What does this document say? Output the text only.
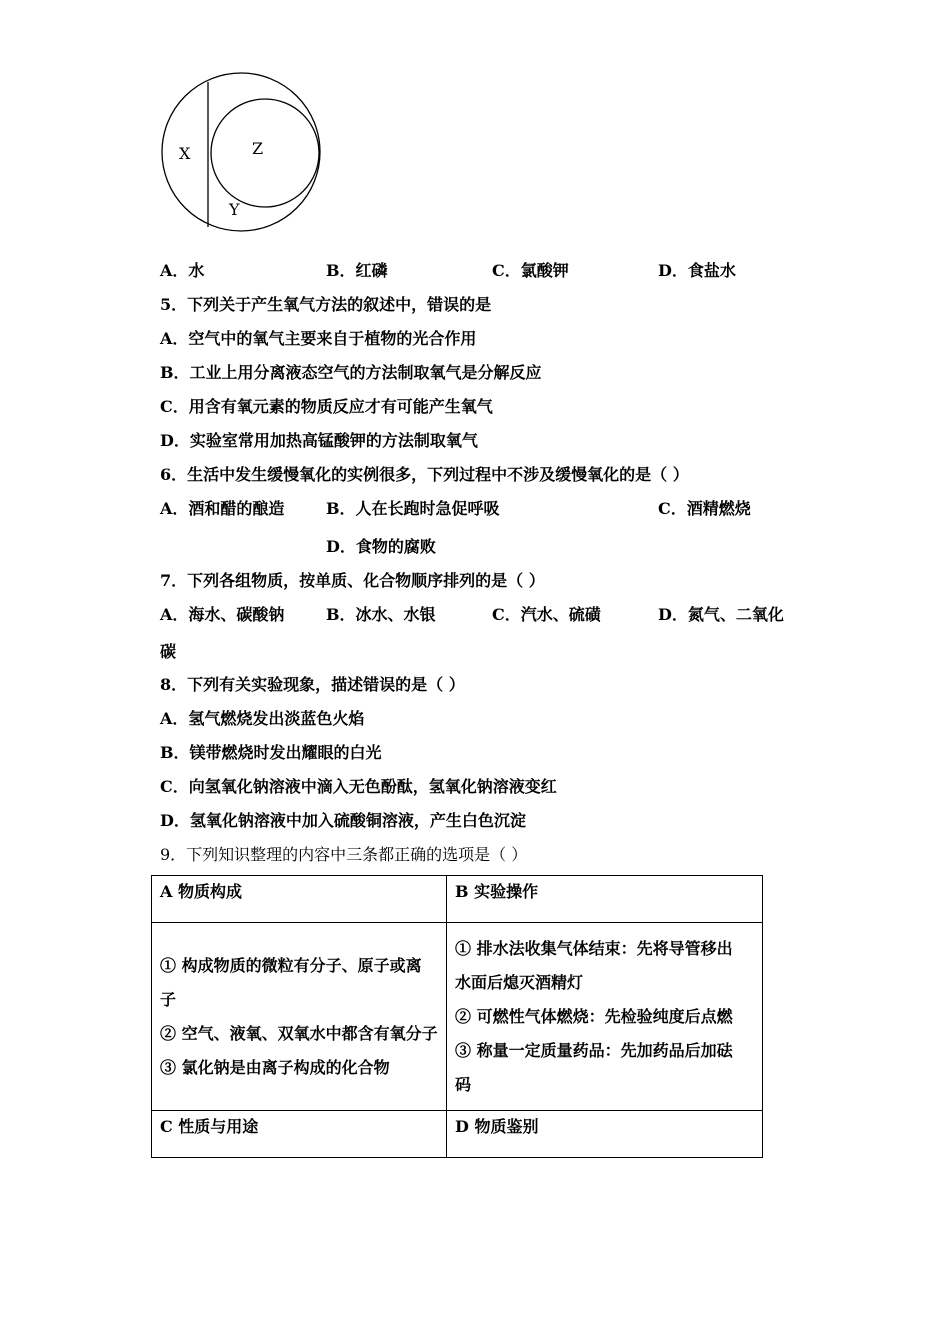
X	Z
Y
A．水	B．红磷	C．氯酸钾	D．食盐水
5．下列关于产生氧气方法的叙述中，错误的是
A．空气中的氧气主要来自于植物的光合作用
B．工业上用分离液态空气的方法制取氧气是分解反应
C．用含有氧元素的物质反应才有可能产生氧气
D．实验室常用加热高锰酸钾的方法制取氧气
6．生活中发生缓慢氧化的实例很多，下列过程中不涉及缓慢氧化的是（ ）
A．酒和醋的酿造	B．人在长跑时急促呼吸	C．酒精燃烧
D．食物的腐败
7．下列各组物质，按单质、化合物顺序排列的是（ ）
A．海水、碳酸钠	B．冰水、水银	C．汽水、硫磺	D．氮气、二氧化
碳
8．下列有关实验现象，描述错误的是（ ）
A．氢气燃烧发出淡蓝色火焰
B．镁带燃烧时发出耀眼的白光
C．向氢氧化钠溶液中滴入无色酚酞，氢氧化钠溶液变红
D．氢氧化钠溶液中加入硫酸铜溶液，产生白色沉淀
9．下列知识整理的内容中三条都正确的选项是（ ）
A 物质构成	B 实验操作

① 构成物质的微粒有分子、原子或离
子
② 空气、液氧、双氧水中都含有氧分子
③ 氯化钠是由离子构成的化合物	① 排水法收集气体结束：先将导管移出
水面后熄灭酒精灯
② 可燃性气体燃烧：先检验纯度后点燃
③ 称量一定质量药品：先加药品后加砝
码

C 性质与用途	D 物质鉴别
